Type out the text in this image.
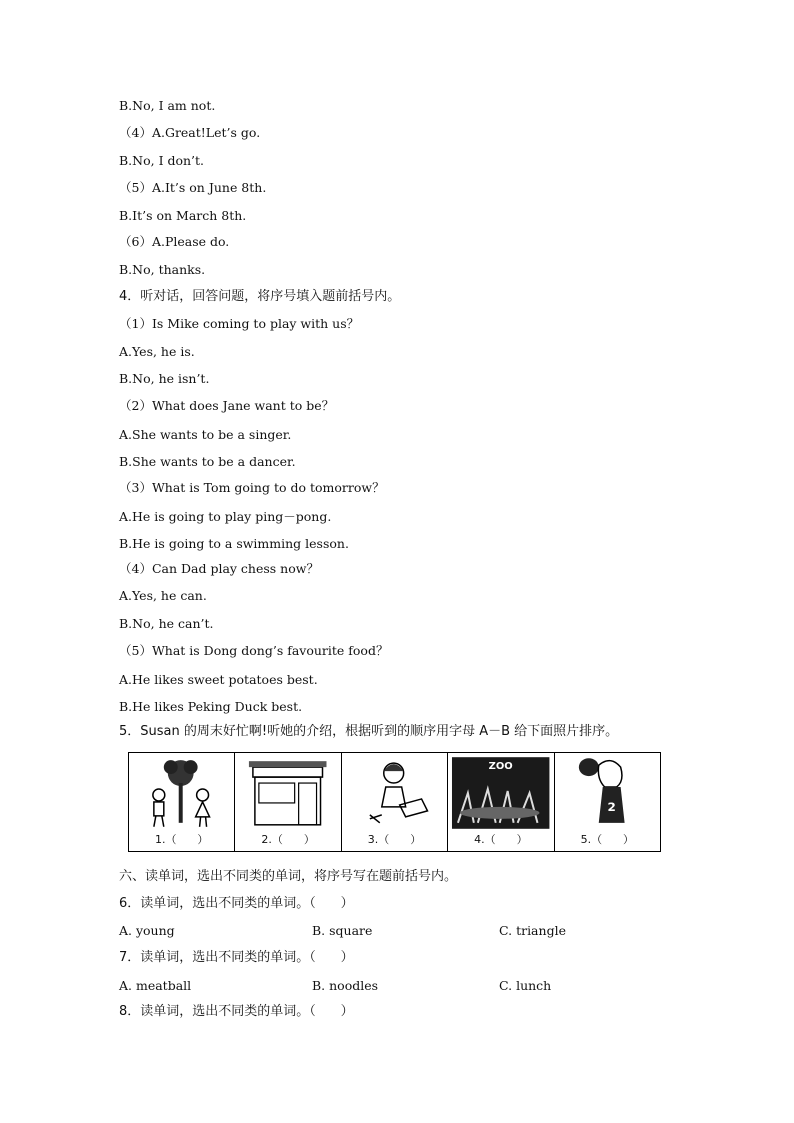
B.No, I am not.
（4）A.Great!Let’s go.
B.No, I don’t.
（5）A.It’s on June 8th.
B.It’s on March 8th.
（6）A.Please do.
B.No, thanks.
4．听对话，回答问题，将序号填入题前括号内。
（1）Is Mike coming to play with us？
A.Yes, he is.
B.No, he isn’t.
（2）What does Jane want to be？
A.She wants to be a singer.
B.She wants to be a dancer.
（3）What is Tom going to do tomorrow？
A.He is going to play ping－pong.
B.He is going to a swimming lesson.
（4）Can Dad play chess now？
A.Yes, he can.
B.No, he can’t.
（5）What is Dong dong’s favourite food？
A.He likes sweet potatoes best.
B.He likes Peking Duck best.
5．Susan 的周末好忙啊!听她的介绍，根据听到的顺序用字母 A－B 给下面照片排序。
1.（      ）	2.（      ）	3.（      ）
ZOO
4.（      ）
2
5.（      ）
六、读单词，选出不同类的单词，将序号写在题前括号内。
6．读单词，选出不同类的单词。（      ）
A. young	B. square	C. triangle
7．读单词，选出不同类的单词。（      ）
A. meatball	B. noodles	C. lunch
8．读单词，选出不同类的单词。（      ）
